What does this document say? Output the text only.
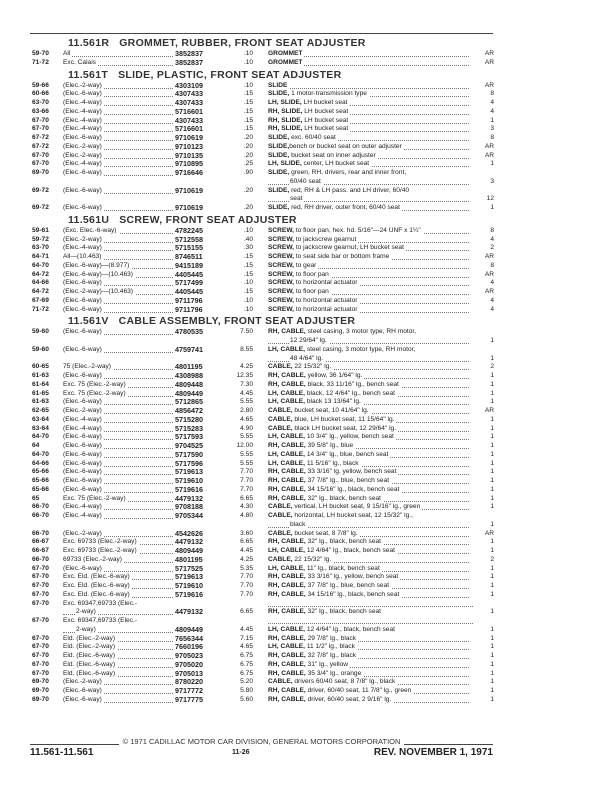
11.561R GROMMET, RUBBER, FRONT SEAT ADJUSTER
59-70 All	3852837	.10 GROMMET	AR
71-72 Exc. Calais	3852837	.10 GROMMET	AR
11.561T SLIDE, PLASTIC, FRONT SEAT ADJUSTER
59-66 (Elec.-2-way)	4303109	.10 SLIDE	AR
60-66 (Elec.-6-way)	4307433	.15 SLIDE, 1 motor-transmission type	8
63-70 (Elec.-4-way)	4307433	.15 LH, SLIDE, LH bucket seat	4
63-66 (Elec.-4-way)	5716601	.15 RH, SLIDE, LH bucket seat	4
67-70 (Elec.-4-way)	4307433	.15 RH, SLIDE, LH bucket seat	1
67-70 (Elec.-4-way)	5716601	.15 RH, SLIDE, LH bucket seat	3
67-72 (Elec.-6-way)	9710619	.20 SLIDE, exc. 60/40 seat	8
67-72 (Elec.-2-way)	9710123	.20 SLIDE,bench or bucket seat on outer adjuster	AR
67-70 (Elec.-2-way)	9710135	.20 SLIDE, bucket seat on inner adjuster	AR
67-70 (Elec.-4-way)	9710895	.25 LH, SLIDE, center, LH bucket seat	1
69-70 (Elec.-6-way)	9716646	.90 SLIDE, green, RH, drivers, rear and inner front,
60/40 seat	3
69-72 (Elec.-6-way)	9710619	.20 SLIDE, red, RH & LH pass. and LH driver, 60/40
seat	12
69-72 (Elec.-6-way)	9710619	.20 SLIDE, red, RH driver, outer front, 60/40 seat	1
11.561U SCREW, FRONT SEAT ADJUSTER
59-61 (Exc. Elec.-6-way)	4782245	.10 SCREW, to floor pan, hex. hd. 5/16"—24 UNF x 1¼"	8
59-72 (Elec.-2-way)	5712558	.40 SCREW, to jackscrew gearnut	4
63-70 (Elec.-4-way)	5715155	.30 SCREW, to jackscrew gearnut, LH bucket seat	2
64-71 All—(10.463)	8746511	.15 SCREW, to seat side bar or bottom frame	AR
64-70 (Elec.-6-way)—(8.977)	9415189	.15 SCREW, to gear	8
64-72 (Elec.-6-way)—(10.463)	4405445	.15 SCREW, to floor pan	AR
64-66 (Elec.-6-way)	5717499	.10 SCREW, to horizontal actuator	4
64-72 (Elec.-2-way)—(10.463)	4405445	.15 SCREW, to floor pan	AR
67-69 (Elec.-6-way)	9711796	.10 SCREW, to horizontal actuator	4
71-72 (Elec.-6-way)	9711796	.10 SCREW, to horizontal actuator	4
11.561V CABLE ASSEMBLY, FRONT SEAT ADJUSTER
59-60 (Elec.-6-way)	4780535	7.50 RH, CABLE, steel casing, 3 motor type, RH motor,
12 29/64" lg.	1
59-60 (Elec.-6-way)	4759741	8.55 LH, CABLE, steel casing, 3 motor type, RH motor,
48 4/64" lg.	1
60-65 75 (Elec.-2-way)	4801195	4.25 CABLE, 22 15/32" lg.	2
61-63 (Elec.-6-way)	4308988	12.35 RH, CABLE, yellow, 36 1/64" lg.	1
61-64 Exc. 75 (Elec.-2-way)	4809448	7.30 RH, CABLE, black, 33 11/16" lg., bench seat	1
61-65 Exc. 75 (Elec.-2-way)	4809449	4.45 LH, CABLE, black, 12 4/64" lg., bench seat	1
61-63 (Elec.-6-way)	5712865	5.55 LH, CABLE, black 13 13/64" lg.	1
62-65 (Elec.-2-way)	4856472	2.80 CABLE, bucket seat, 10 41/64" lg.	AR
63-64 (Elec.-4-way)	5715280	4.65 CABLE, blue, LH bucket seat, 11 15/64" lg.	1
63-64 (Elec.-4-way)	5715283	4.90 CABLE, black LH bucket seat, 12 29/64" lg.	1
64-70 (Elec.-6-way)	5717593	5.55 LH, CABLE, 10 3/4" lg., yellow, bench seat	1
64	(Elec.-6-way)	9704525	12.00 RH, CABLE, 39 5/8" lg., blue	1
64-70 (Elec.-6-way)	5717590	5.55 LH, CABLE, 14 3/4" lg., blue, bench seat	1
64-66 (Elec.-6-way)	5717596	5.55 LH, CABLE, 11 5/16" lg., black	1
65-66 (Elec.-6-way)	5719613	7.70 RH, CABLE, 33 3/16" lg. yellow, bench seat	1
65-66 (Elec.-6-way)	5719610	7.70 RH, CABLE, 37 7/8" lg., blue, bench seat	1
65-66 (Elec.-6-way)	5719616	7.70 RH, CABLE, 34 15/16" lg., black, bench seat	1
65	Exc. 75 (Elec.-2-way)	4479132	6.65 RH, CABLE, 32" lg., black, bench seat	1
66-70 (Elec.-4-way)	9708188	4.30 CABLE, vertical, LH bucket seat, 9 15/16" lg., green	1
66-70 (Elec.-4-way)	9705344	4.80 CABLE, horizontal, LH bucket seat, 12 15/32" lg.,
black	1
66-70 (Elec.-2-way)	4542626	3.60 CABLE, bucket seat, 8 7/8" lg.	AR
66-67 Exc. 69733 (Elec.-2-way)	4479132	6.65 RH, CABLE, 32" lg., black, bench seat	1
66-67 Exc. 69733 (Elec.-2-way)	4809449	4.45 LH, CABLE, 12 4/64" lg., black, bench seat	1
66-70 69733 (Elec.-2-way)	4801195	4.25 CABLE, 22 15/32" lg.	2
67-70 (Elec.-6-way)	5717525	5.35 LH, CABLE, 11" lg., black, bench seat	1
67-70 Exc. Eld. (Elec.-6-way)	5719613	7.70 RH, CABLE, 33 3/16" lg., yellow, bench seat	1
67-70 Exc. Eld. (Elec.-6-way)	5719610	7.70 RH, CABLE, 37 7/8" lg., blue, bench seat	1
67-70 Exc. Eld. (Elec.-6-way)	5719616	7.70 RH, CABLE, 34 15/16" lg., black, bench seat	1
67-70 Exc. 69347,69733 (Elec.-
2-way)	4479132	6.65 RH, CABLE, 32" lg., black, bench seat	1
67-70 Exc. 69347,69733 (Elec.-
2-way)	4809449	4.45 LH, CABLE, 12 4/64" lg., black, bench seat	1
67-70 Eld. (Elec.-2-way)	7656344	7.15 RH, CABLE, 29 7/8" lg., black	1
67-70 Eld. (Elec.-2-way)	7660196	4.65 LH, CABLE, 11 1/2" lg., black	1
67-70 Eld. (Elec.-6-way)	9705023	6.75 RH, CABLE, 32 7/8" lg., black	1
67-70 Eld. (Elec.-6-way)	9705020	6.75 RH, CABLE, 31" lg., yellow	1
67-70 Eld. (Elec.-6-way)	9705013	6.75 RH, CABLE, 35 3/4" lg., orange	1
69-70 (Elec.-2-way)	8780220	5.20 CABLE, drivers 60/40 seat, 8 7/8" lg., black	1
69-70 (Elec.-6-way)	9717772	5.80 RH, CABLE, driver, 60/40 seat, 11 7/8" lg., green	1
69-70 (Elec.-6-way)	9717775	5.60 RH, CABLE, driver, 60/40 seat, 2 9/16" lg.	1
© 1971 CADILLAC MOTOR CAR DIVISION, GENERAL MOTORS CORPORATION
11.561-11.561	11-26	REV. NOVEMBER 1, 1971
